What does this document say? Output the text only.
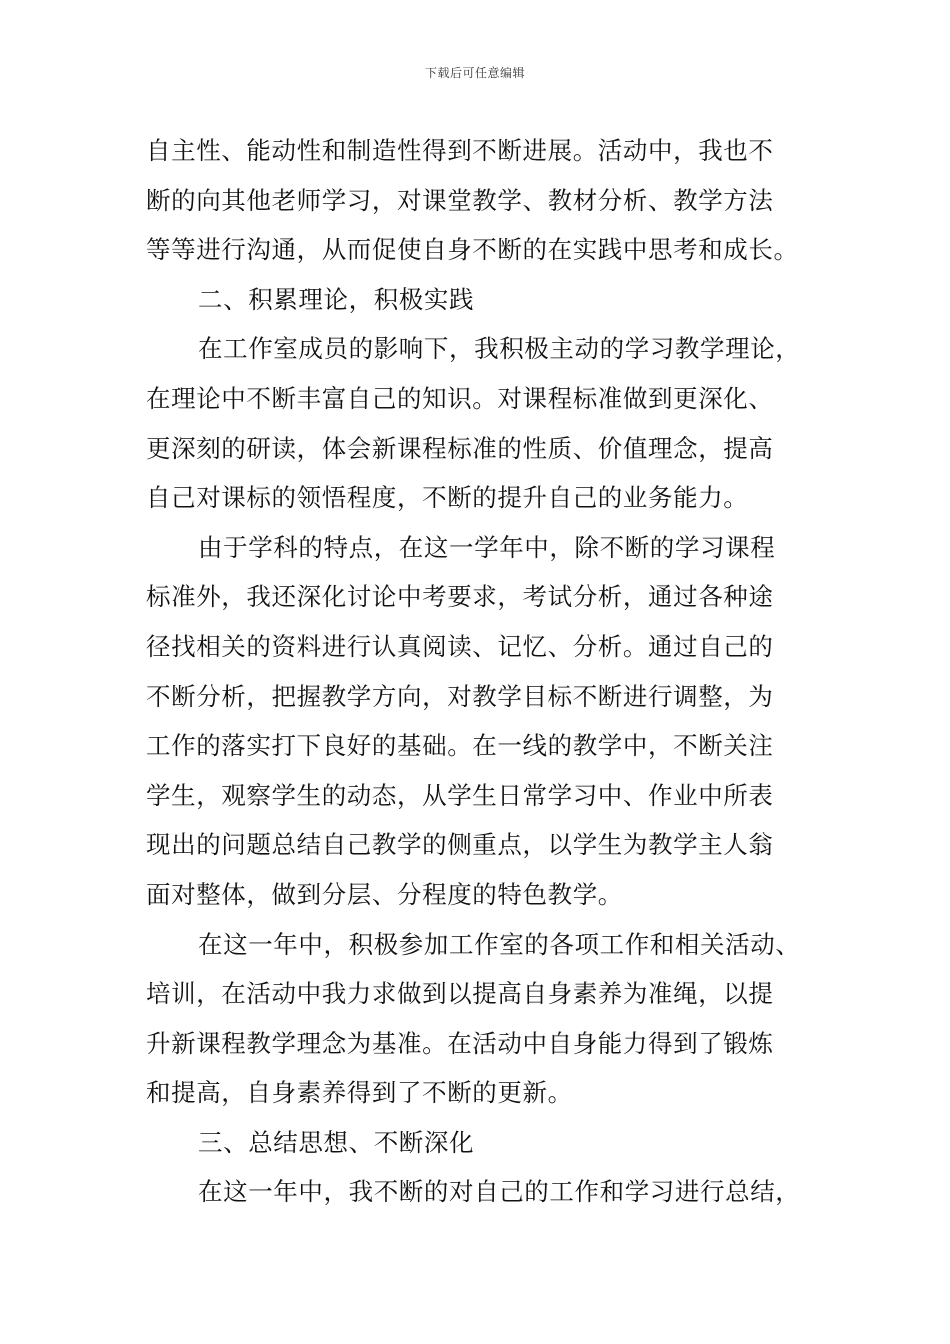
下载后可任意编辑
自主性、能动性和制造性得到不断进展。活动中，我也不
断的向其他老师学习，对课堂教学、教材分析、教学方法
等等进行沟通，从而促使自身不断的在实践中思考和成长。
二、积累理论，积极实践
在工作室成员的影响下，我积极主动的学习教学理论，
在理论中不断丰富自己的知识。对课程标准做到更深化、
更深刻的研读，体会新课程标准的性质、价值理念，提高
自己对课标的领悟程度，不断的提升自己的业务能力。
由于学科的特点，在这一学年中，除不断的学习课程
标准外，我还深化讨论中考要求，考试分析，通过各种途
径找相关的资料进行认真阅读、记忆、分析。通过自己的
不断分析，把握教学方向，对教学目标不断进行调整，为
工作的落实打下良好的基础。在一线的教学中，不断关注
学生，观察学生的动态，从学生日常学习中、作业中所表
现出的问题总结自己教学的侧重点，以学生为教学主人翁
面对整体，做到分层、分程度的特色教学。
在这一年中，积极参加工作室的各项工作和相关活动、
培训，在活动中我力求做到以提高自身素养为准绳，以提
升新课程教学理念为基准。在活动中自身能力得到了锻炼
和提高，自身素养得到了不断的更新。
三、总结思想、不断深化
在这一年中，我不断的对自己的工作和学习进行总结，
